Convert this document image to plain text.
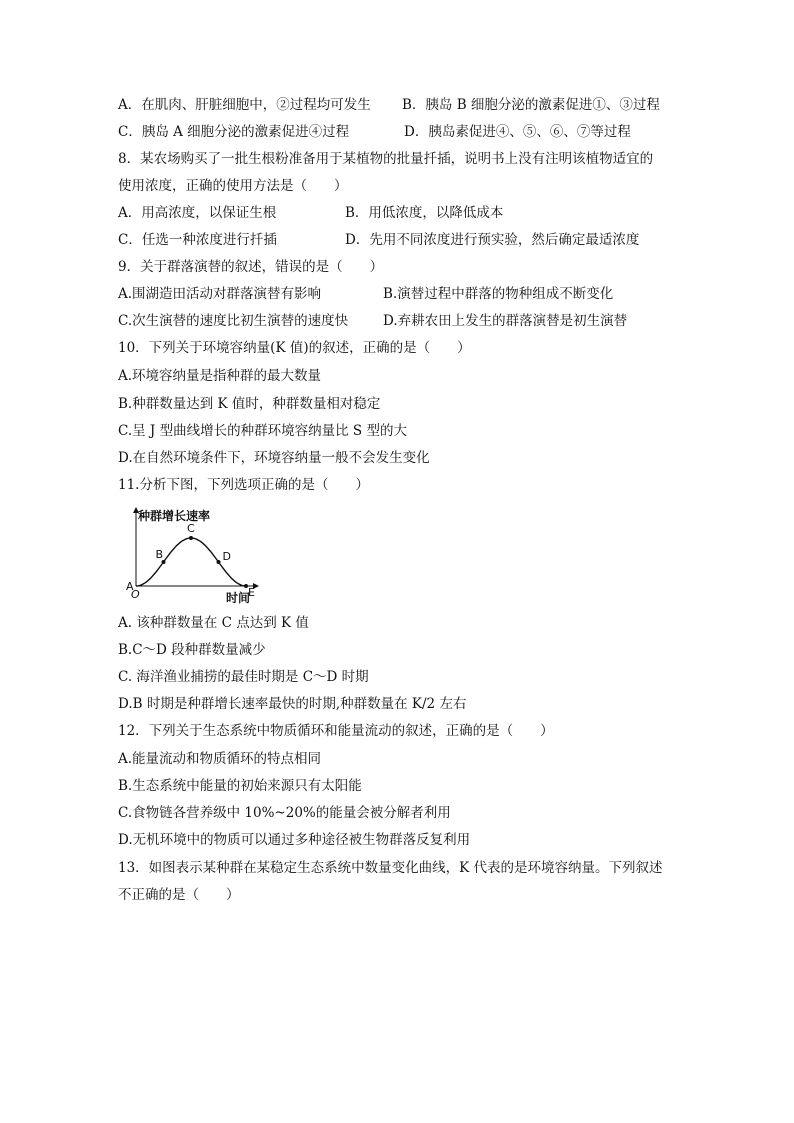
A．在肌肉、肝脏细胞中，②过程均可发生 B．胰岛 B 细胞分泌的激素促进①、③过程
C．胰岛 A 细胞分泌的激素促进④过程	D．胰岛素促进④、⑤、⑥、⑦等过程
8．某农场购买了一批生根粉准备用于某植物的批量扦插，说明书上没有注明该植物适宜的
使用浓度，正确的使用方法是（　　）
A．用高浓度，以保证生根	B．用低浓度，以降低成本
C．任选一种浓度进行扦插	D．先用不同浓度进行预实验，然后确定最适浓度
9．关于群落演替的叙述，错误的是（　　）
A.围湖造田活动对群落演替有影响	B.演替过程中群落的物种组成不断变化
C.次生演替的速度比初生演替的速度快	D.弃耕农田上发生的群落演替是初生演替
10．下列关于环境容纳量(K 值)的叙述，正确的是（　　）
A.环境容纳量是指种群的最大数量
B.种群数量达到 K 值时，种群数量相对稳定
C.呈 J 型曲线增长的种群环境容纳量比 S 型的大
D.在自然环境条件下，环境容纳量一般不会发生变化
11.分析下图，下列选项正确的是（　　）
种群增长速率
时间
O
A
B
C
D
E
A. 该种群数量在 C 点达到 K 值
B.C～D 段种群数量减少
C. 海洋渔业捕捞的最佳时期是 C～D 时期
D.B 时期是种群增长速率最快的时期,种群数量在 K/2 左右
12．下列关于生态系统中物质循环和能量流动的叙述，正确的是（　　）
A.能量流动和物质循环的特点相同
B.生态系统中能量的初始来源只有太阳能
C.食物链各营养级中 10%~20%的能量会被分解者利用
D.无机环境中的物质可以通过多种途径被生物群落反复利用
13．如图表示某种群在某稳定生态系统中数量变化曲线，K 代表的是环境容纳量。下列叙述
不正确的是（　　）
